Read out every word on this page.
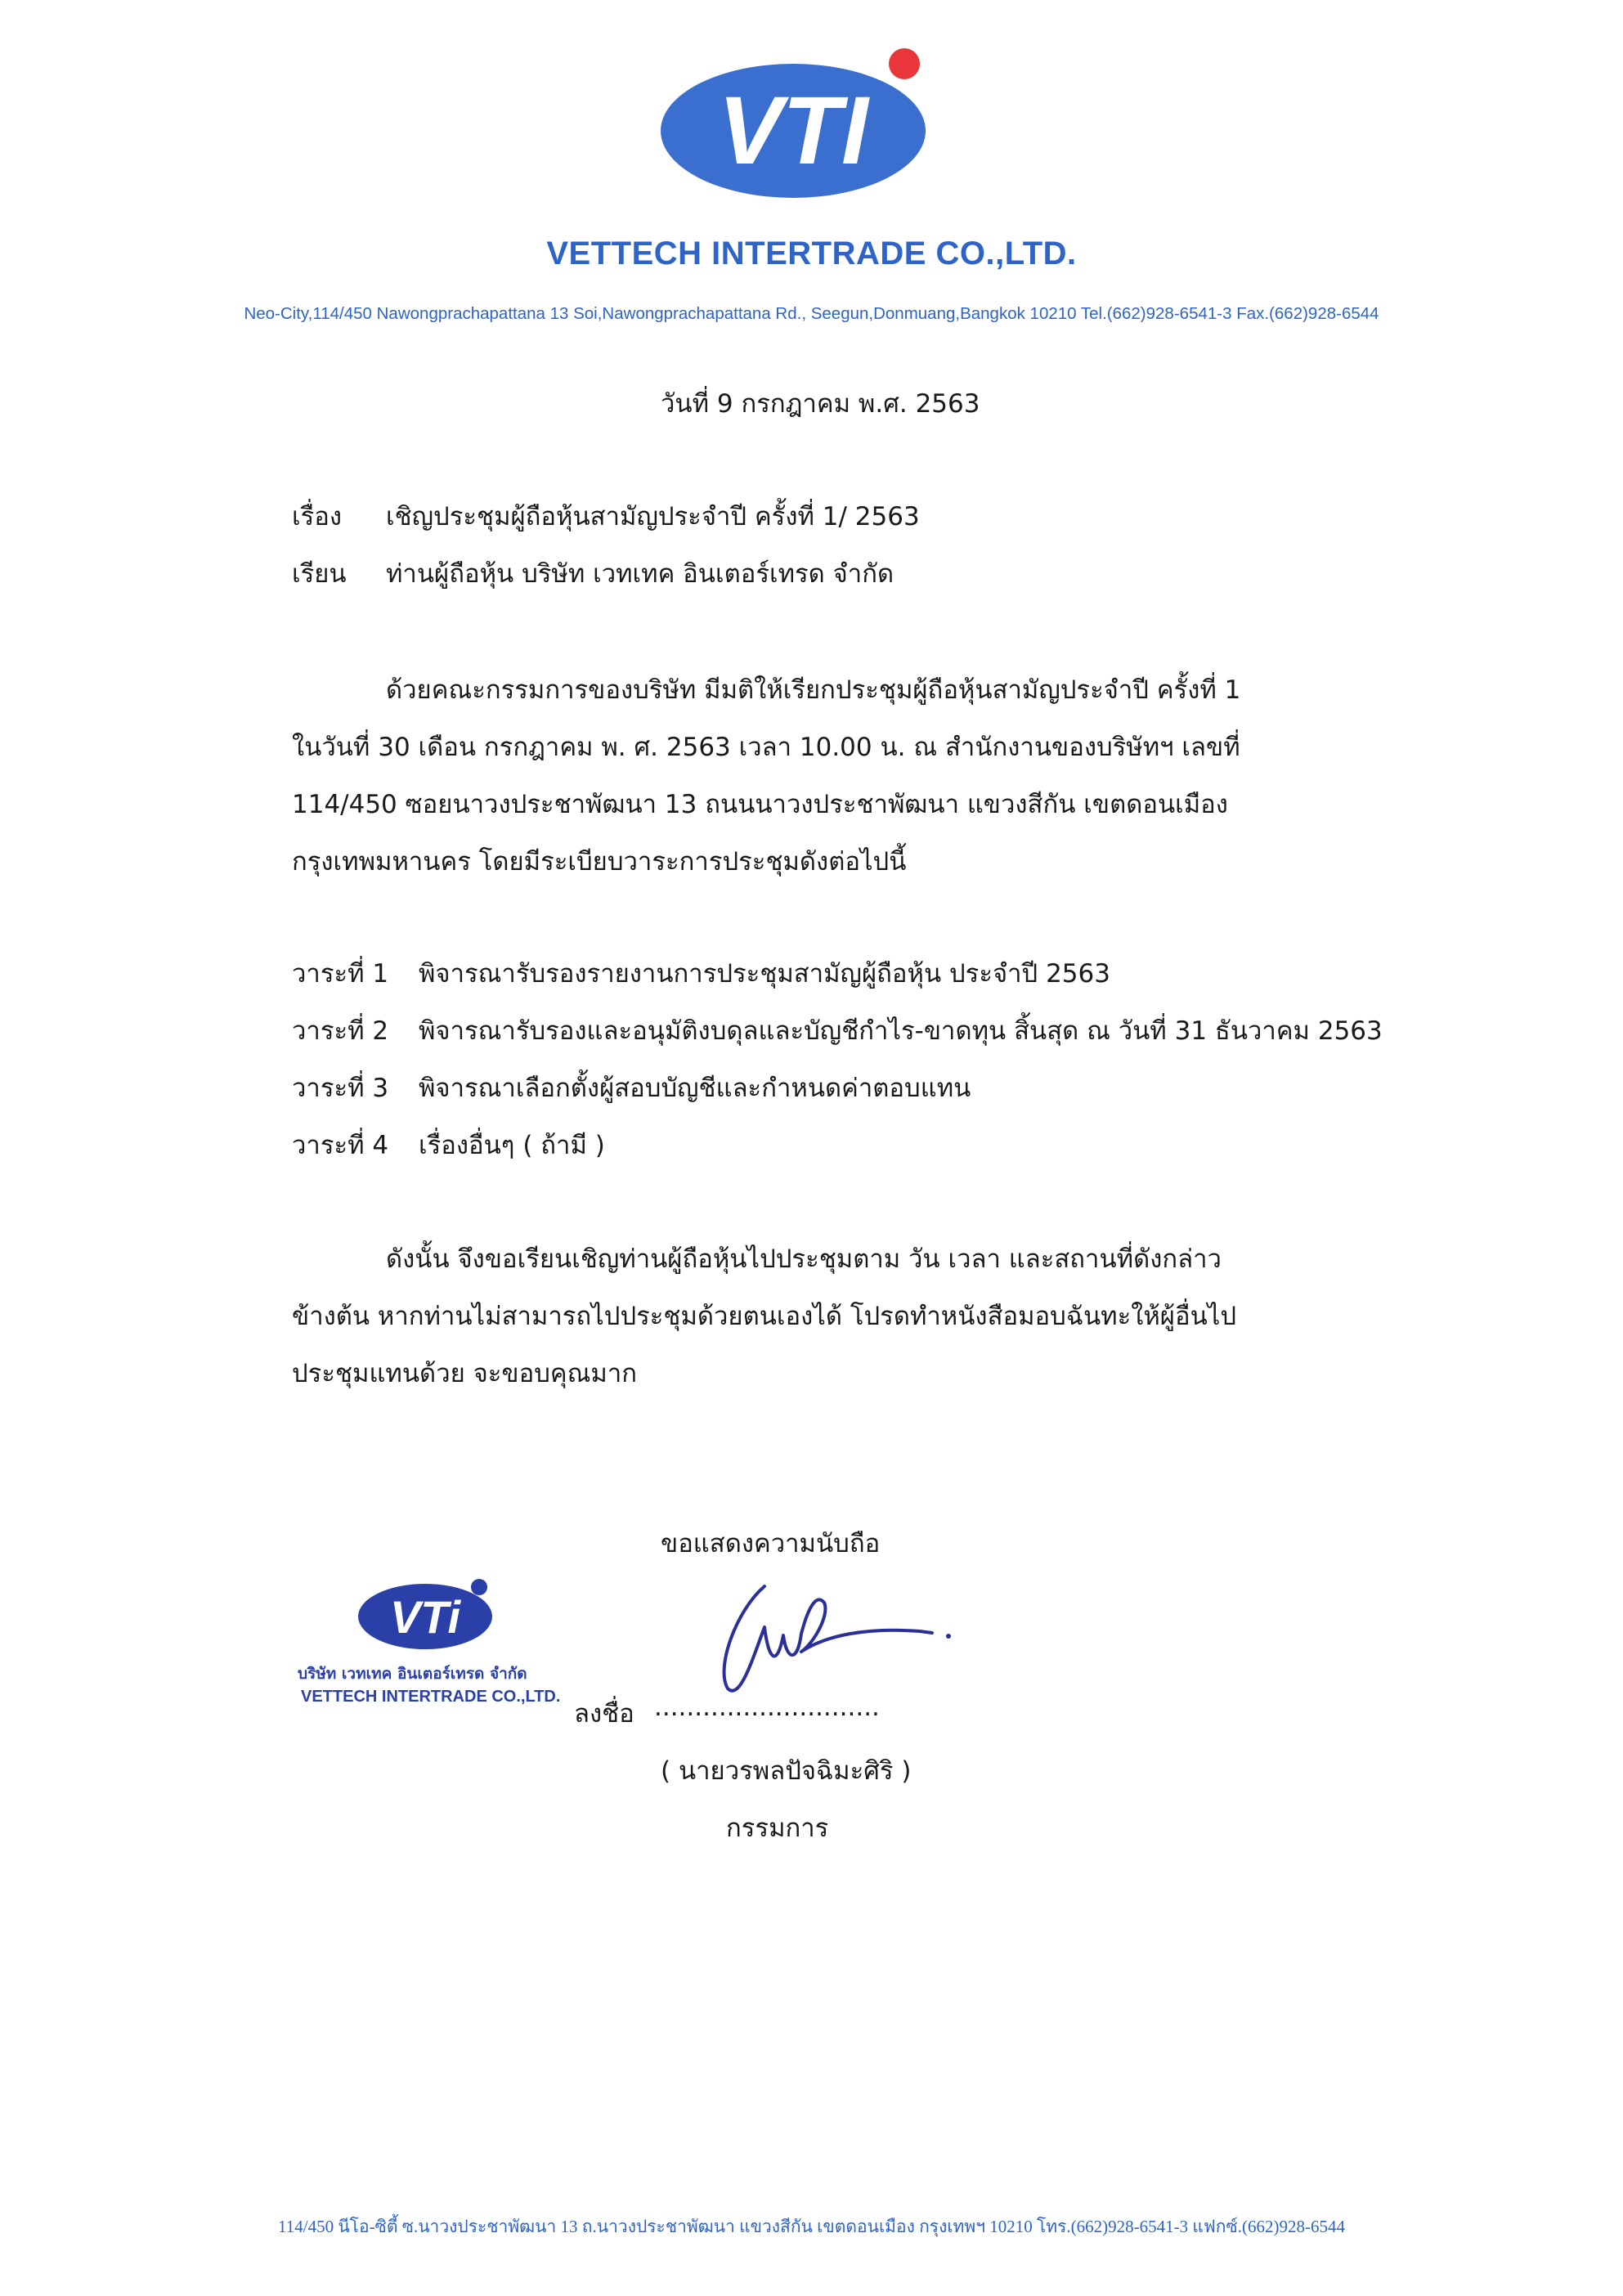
VTI
VETTECH INTERTRADE CO.,LTD.
Neo-City,114/450 Nawongprachapattana 13 Soi,Nawongprachapattana Rd., Seegun,Donmuang,Bangkok 10210 Tel.(662)928-6541-3 Fax.(662)928-6544
วันที่ 9 กรกฎาคม พ.ศ. 2563
เรื่อง เชิญประชุมผู้ถือหุ้นสามัญประจำปี ครั้งที่ 1/ 2563
เรียน ท่านผู้ถือหุ้น บริษัท เวทเทค อินเตอร์เทรด จำกัด
ด้วยคณะกรรมการของบริษัท มีมติให้เรียกประชุมผู้ถือหุ้นสามัญประจำปี ครั้งที่ 1
ในวันที่ 30 เดือน กรกฎาคม พ. ศ. 2563 เวลา 10.00 น. ณ สำนักงานของบริษัทฯ เลขที่
114/450 ซอยนาวงประชาพัฒนา 13 ถนนนาวงประชาพัฒนา แขวงสีกัน เขตดอนเมือง
กรุงเทพมหานคร โดยมีระเบียบวาระการประชุมดังต่อไปนี้
วาระที่ 1 พิจารณารับรองรายงานการประชุมสามัญผู้ถือหุ้น ประจำปี 2563
วาระที่ 2 พิจารณารับรองและอนุมัติงบดุลและบัญชีกำไร-ขาดทุน สิ้นสุด ณ วันที่ 31 ธันวาคม 2563
วาระที่ 3 พิจารณาเลือกตั้งผู้สอบบัญชีและกำหนดค่าตอบแทน
วาระที่ 4 เรื่องอื่นๆ ( ถ้ามี )
ดังนั้น จึงขอเรียนเชิญท่านผู้ถือหุ้นไปประชุมตาม วัน เวลา และสถานที่ดังกล่าว
ข้างต้น หากท่านไม่สามารถไปประชุมด้วยตนเองได้ โปรดทำหนังสือมอบฉันทะให้ผู้อื่นไป
ประชุมแทนด้วย จะขอบคุณมาก
ขอแสดงความนับถือ
VTi
บริษัท เวทเทค อินเตอร์เทรด จำกัด
VETTECH INTERTRADE CO.,LTD.
ลงชื่อ ............................
( นายวรพลปัจฉิมะศิริ )
กรรมการ
114/450 นีโอ-ซิตี้ ซ.นาวงประชาพัฒนา 13 ถ.นาวงประชาพัฒนา แขวงสีกัน เขตดอนเมือง กรุงเทพฯ 10210 โทร.(662)928-6541-3 แฟกซ์.(662)928-6544
